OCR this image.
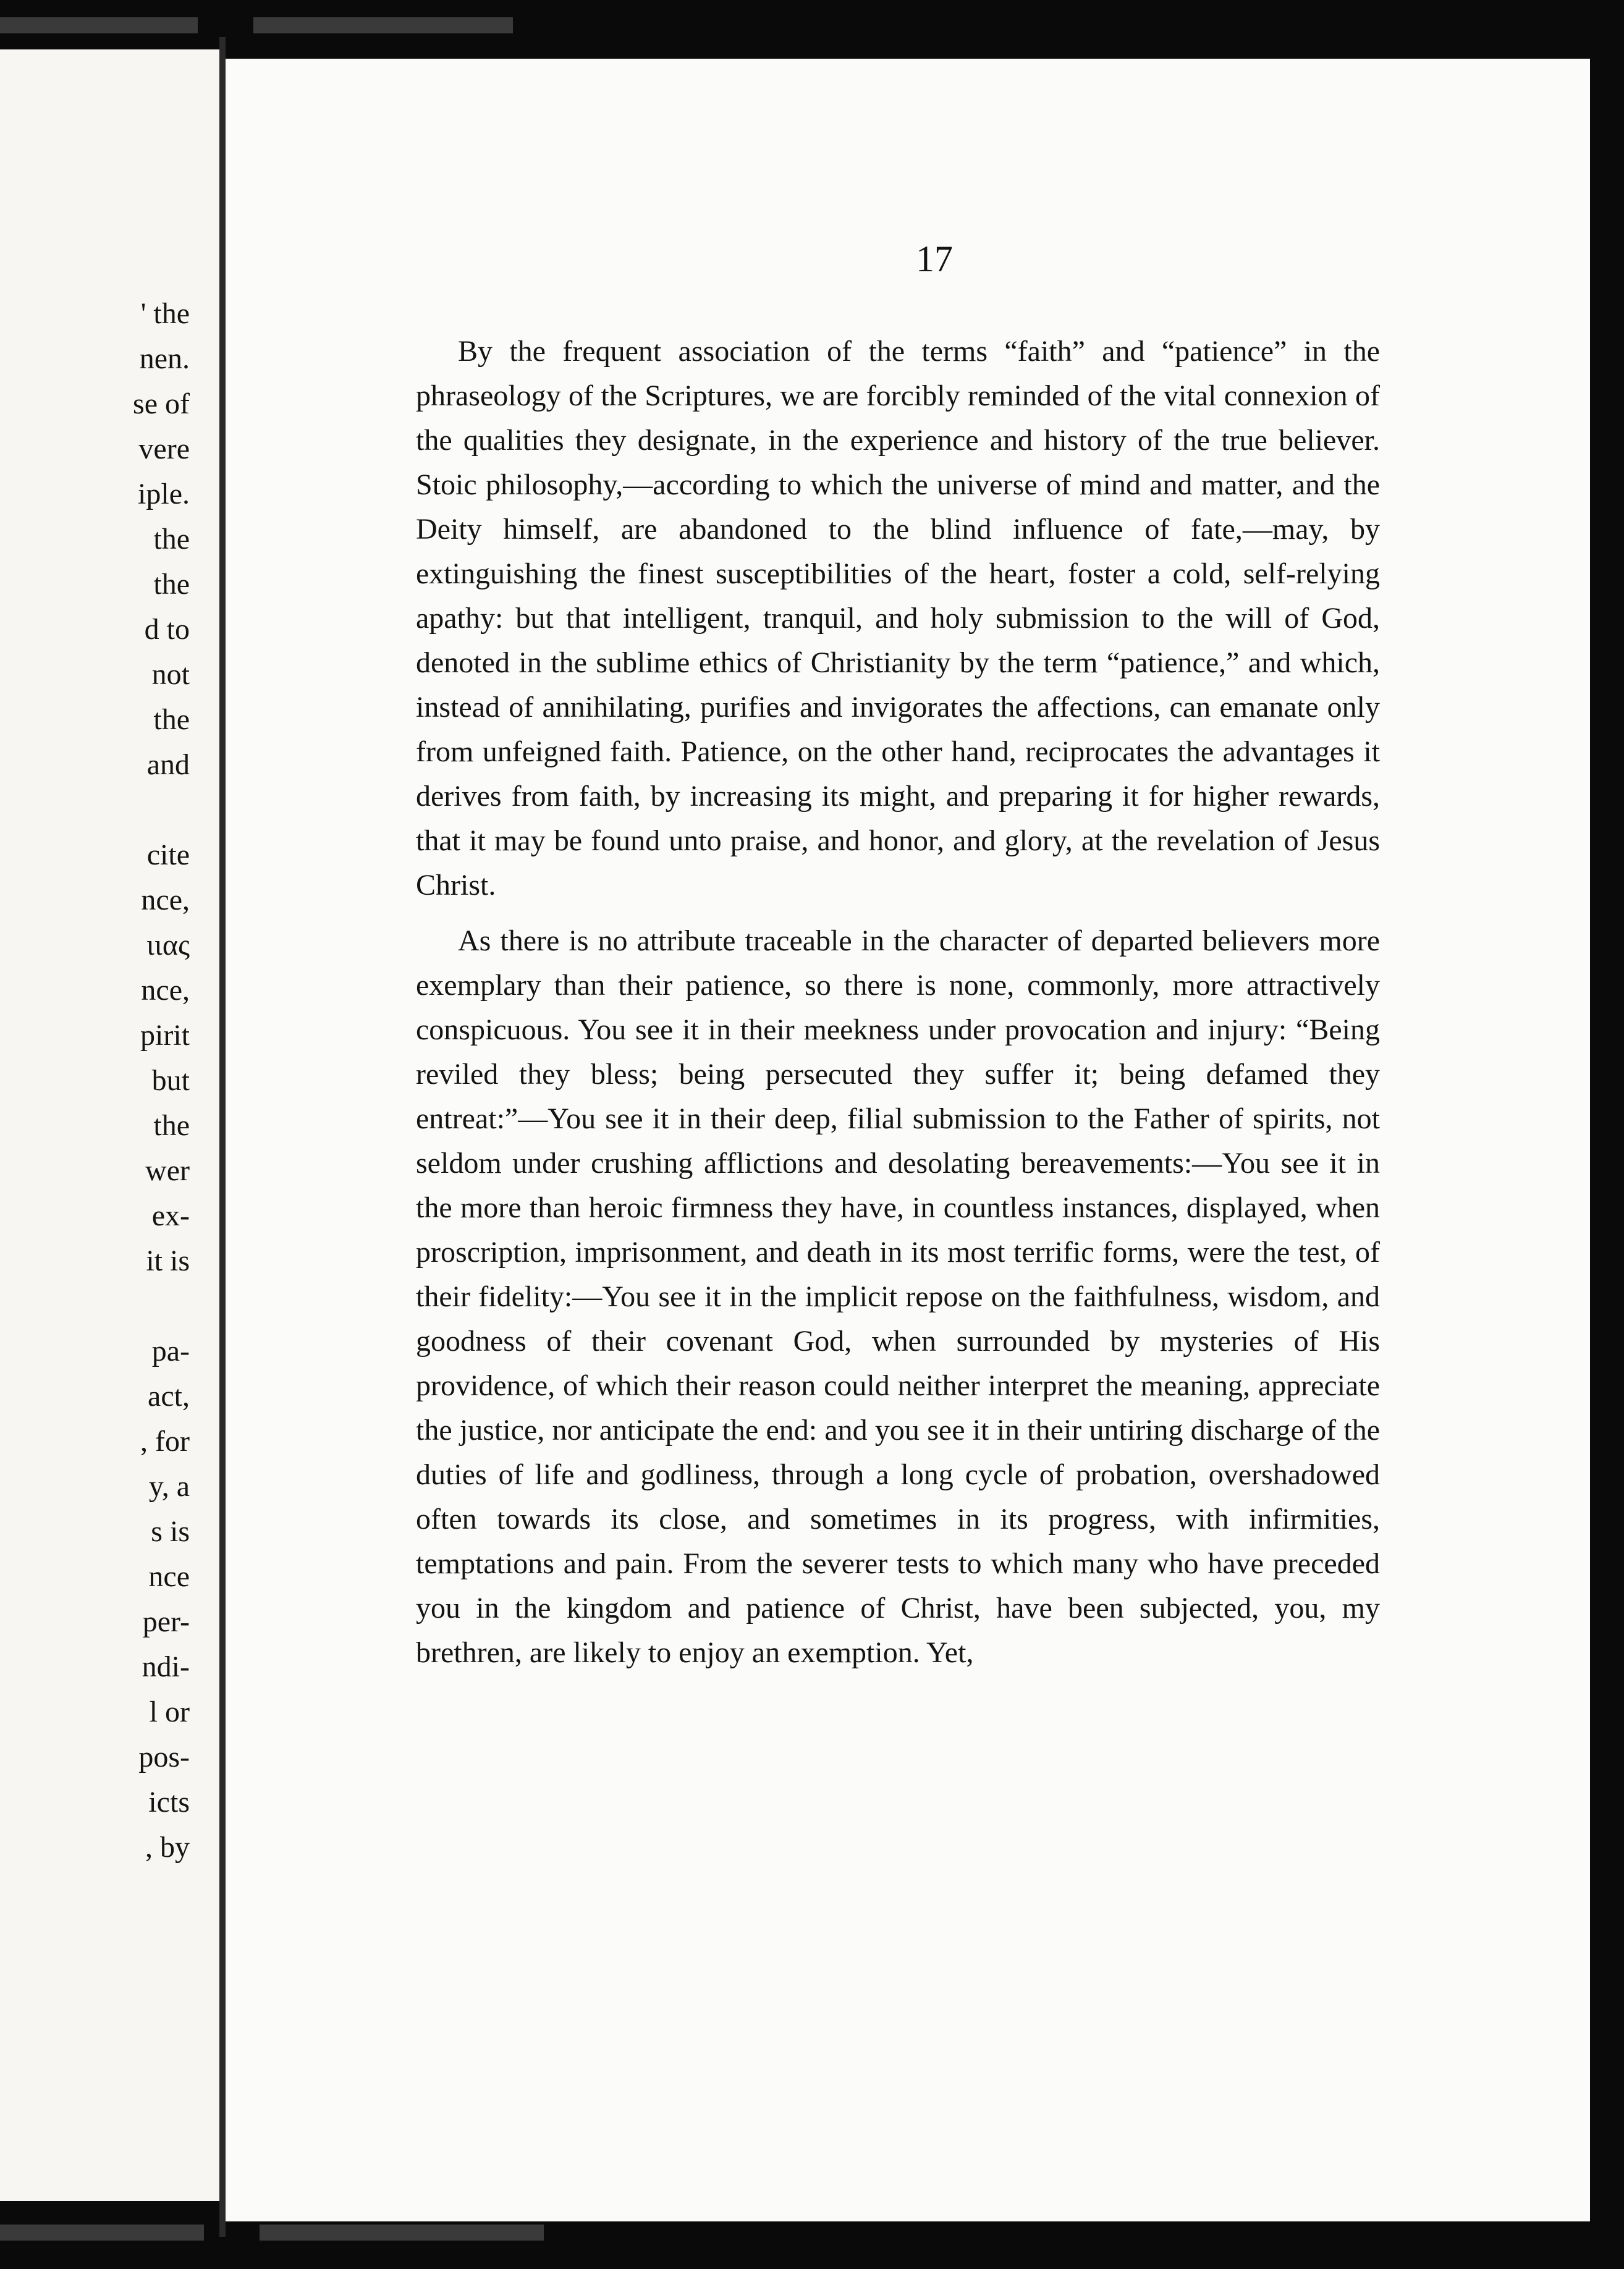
' the

nen.

se of

vere

iple.

the

the

d to

not

the

and

cite

nce,

ιιας

nce,

pirit

but

the

wer

ex-

it is

pa-

act,

, for

y, a

s is

nce

per-

ndi-

l or

pos-

icts

, by

17

By the frequent association of the terms “faith” and “patience” in the phraseology of the Scriptures, we are forcibly reminded of the vital connexion of the qualities they designate, in the experience and history of the true believer. Stoic philosophy,—according to which the universe of mind and matter, and the Deity himself, are abandoned to the blind influence of fate,—may, by extinguishing the finest susceptibilities of the heart, foster a cold, self-relying apathy: but that intelligent, tranquil, and holy submission to the will of God, denoted in the sublime ethics of Christianity by the term “patience,” and which, instead of annihilating, purifies and invigorates the affections, can emanate only from unfeigned faith. Patience, on the other hand, reciprocates the advantages it derives from faith, by increasing its might, and preparing it for higher rewards, that it may be found unto praise, and honor, and glory, at the revelation of Jesus Christ.

As there is no attribute traceable in the character of departed believers more exemplary than their patience, so there is none, commonly, more attractively conspicuous. You see it in their meekness under provocation and injury: “Being reviled they bless; being persecuted they suffer it; being defamed they entreat:”—You see it in their deep, filial submission to the Father of spirits, not seldom under crushing afflictions and desolating bereavements:—You see it in the more than heroic firmness they have, in countless instances, displayed, when proscription, imprisonment, and death in its most terrific forms, were the test, of their fidelity:—You see it in the implicit repose on the faithfulness, wisdom, and goodness of their covenant God, when surrounded by mysteries of His providence, of which their reason could neither interpret the meaning, appreciate the justice, nor anticipate the end: and you see it in their untiring discharge of the duties of life and godliness, through a long cycle of probation, overshadowed often towards its close, and sometimes in its progress, with infirmities, temptations and pain. From the severer tests to which many who have preceded you in the kingdom and patience of Christ, have been subjected, you, my brethren, are likely to enjoy an exemption. Yet,
